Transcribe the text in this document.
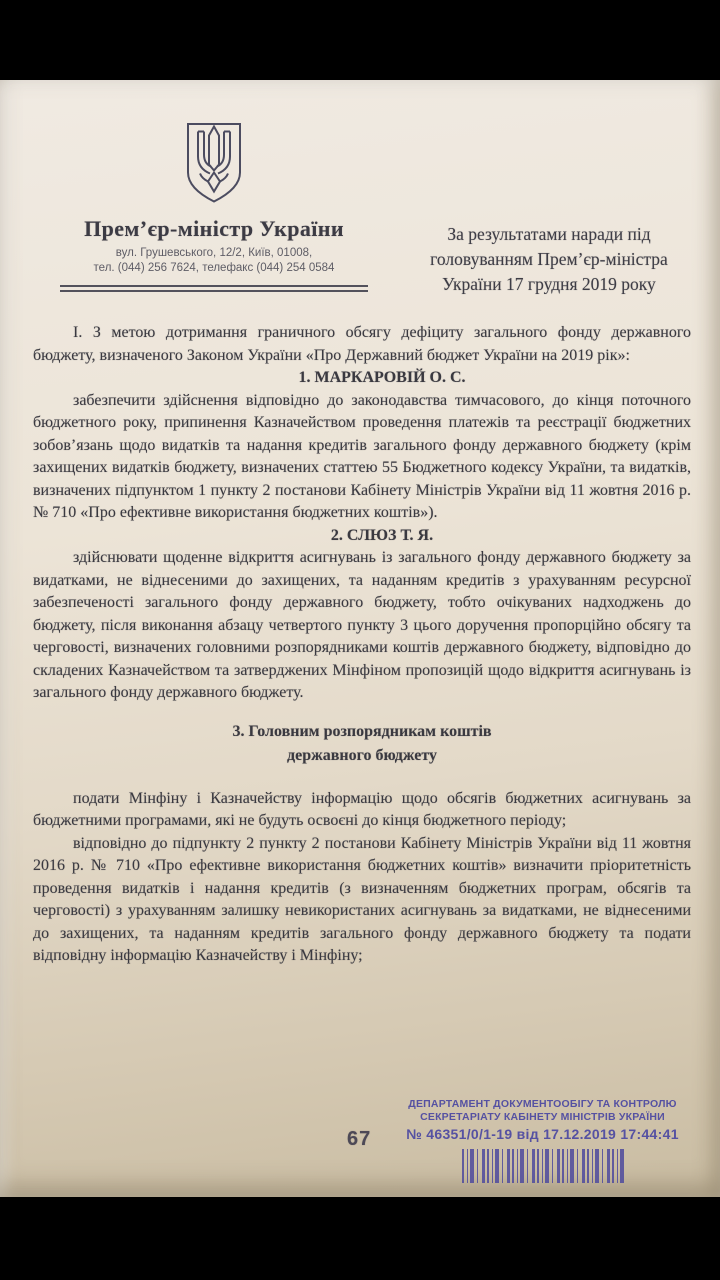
Прем’єр-міністр України
вул. Грушевського, 12/2, Київ, 01008,
тел. (044) 256 7624, телефакс (044) 254 0584
За результатами наради під
головуванням Прем’єр-міністра
України 17 грудня 2019 року

І. З метою дотримання граничного обсягу дефіциту загального фонду державного бюджету, визначеного Законом України «Про Державний бюджет України на 2019 рік»:

1. МАРКАРОВІЙ О. С.

забезпечити здійснення відповідно до законодавства тимчасового, до кінця поточного бюджетного року, припинення Казначейством проведення платежів та реєстрації бюджетних зобов’язань щодо видатків та надання кредитів загального фонду державного бюджету (крім захищених видатків бюджету, визначених статтею 55 Бюджетного кодексу України, та видатків, визначених підпунктом 1 пункту 2 постанови Кабінету Міністрів України від 11 жовтня 2016 р. № 710 «Про ефективне використання бюджетних коштів»).

2. СЛЮЗ Т. Я.

здійснювати щоденне відкриття асигнувань із загального фонду державного бюджету за видатками, не віднесеними до захищених, та наданням кредитів з урахуванням ресурсної забезпеченості загального фонду державного бюджету, тобто очікуваних надходжень до бюджету, після виконання абзацу четвертого пункту 3 цього доручення пропорційно обсягу та черговості, визначених головними розпорядниками коштів державного бюджету, відповідно до складених Казначейством та затверджених Мінфіном пропозицій щодо відкриття асигнувань із загального фонду державного бюджету.

3. Головним розпорядникам коштів
державного бюджету

подати Мінфіну і Казначейству інформацію щодо обсягів бюджетних асигнувань за бюджетними програмами, які не будуть освоєні до кінця бюджетного періоду;

відповідно до підпункту 2 пункту 2 постанови Кабінету Міністрів України від 11 жовтня 2016 р. № 710 «Про ефективне використання бюджетних коштів» визначити пріоритетність проведення видатків і надання кредитів (з визначенням бюджетних програм, обсягів та черговості) з урахуванням залишку невикористаних асигнувань за видатками, не віднесеними до захищених, та наданням кредитів загального фонду державного бюджету та подати відповідну інформацію Казначейству і Мінфіну;

67
ДЕПАРТАМЕНТ ДОКУМЕНТООБІГУ ТА КОНТРОЛЮ
СЕКРЕТАРІАТУ КАБІНЕТУ МІНІСТРІВ УКРАЇНИ
№ 46351/0/1-19 від 17.12.2019 17:44:41
